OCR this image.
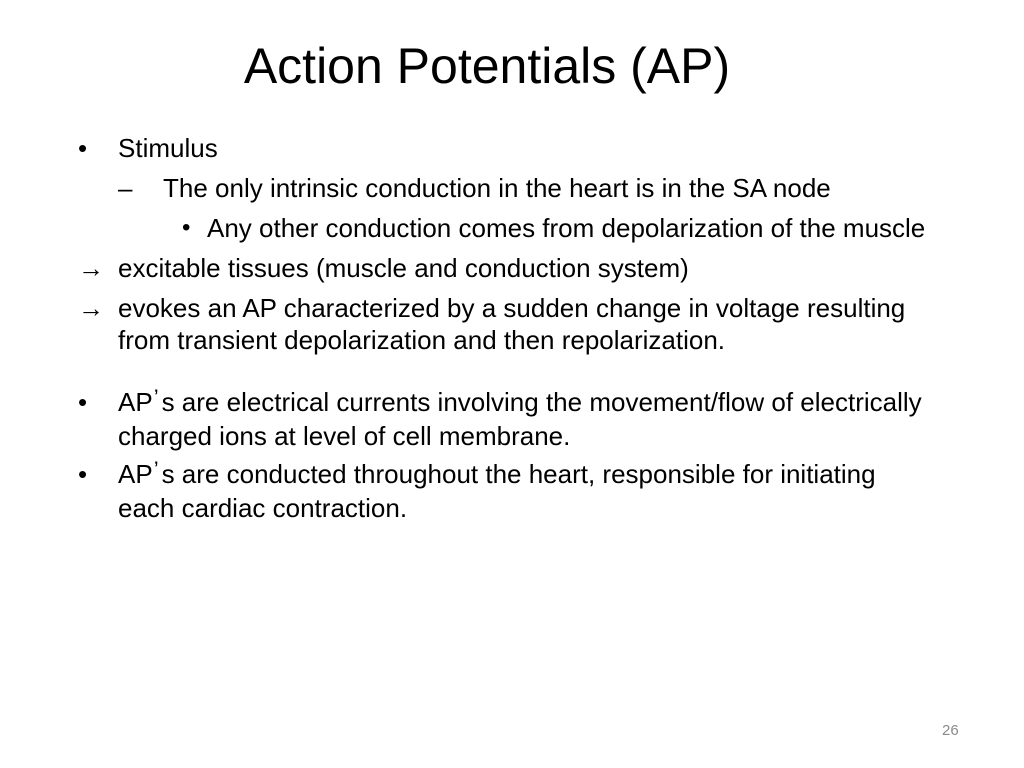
Action Potentials (AP)
•	Stimulus
–	The only intrinsic conduction in the heart is in the SA node
• Any other conduction comes from depolarization of the muscle
→ excitable tissues (muscle and conduction system)
→ evokes an AP characterized by a sudden change in voltage resulting from transient depolarization and then repolarization.
•	AP’ s are electrical currents involving the movement/flow of electrically charged ions at level of cell membrane.
•	AP’ s are conducted throughout the heart, responsible for initiating each cardiac contraction.
26
